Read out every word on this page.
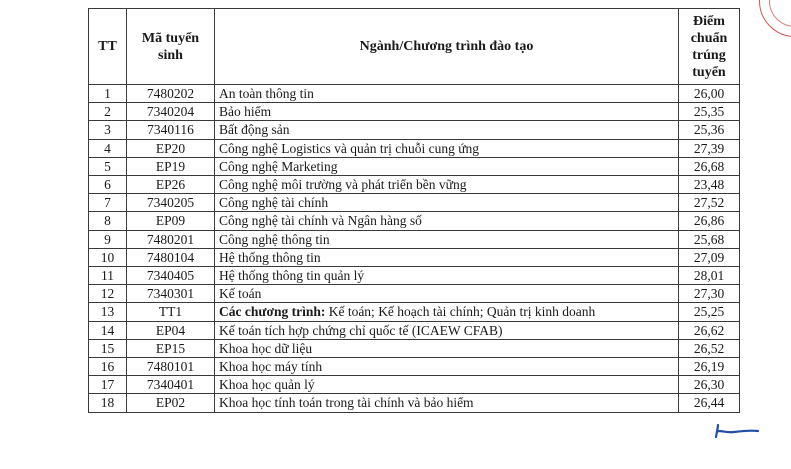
TT	Mã tuyển sinh	Ngành/Chương trình đào tạo	Điểm chuẩn trúng tuyển
1	7480202	An toàn thông tin	26,00
2	7340204	Bảo hiểm	25,35
3	7340116	Bất động sản	25,36
4	EP20	Công nghệ Logistics và quản trị chuỗi cung ứng	27,39
5	EP19	Công nghệ Marketing	26,68
6	EP26	Công nghệ môi trường và phát triển bền vững	23,48
7	7340205	Công nghệ tài chính	27,52
8	EP09	Công nghệ tài chính và Ngân hàng số	26,86
9	7480201	Công nghệ thông tin	25,68
10	7480104	Hệ thống thông tin	27,09
11	7340405	Hệ thống thông tin quản lý	28,01
12	7340301	Kế toán	27,30
13	TT1	Các chương trình: Kế toán; Kế hoạch tài chính; Quản trị kinh doanh	25,25
14	EP04	Kế toán tích hợp chứng chỉ quốc tế (ICAEW CFAB)	26,62
15	EP15	Khoa học dữ liệu	26,52
16	7480101	Khoa học máy tính	26,19
17	7340401	Khoa học quản lý	26,30
18	EP02	Khoa học tính toán trong tài chính và bảo hiểm	26,44
